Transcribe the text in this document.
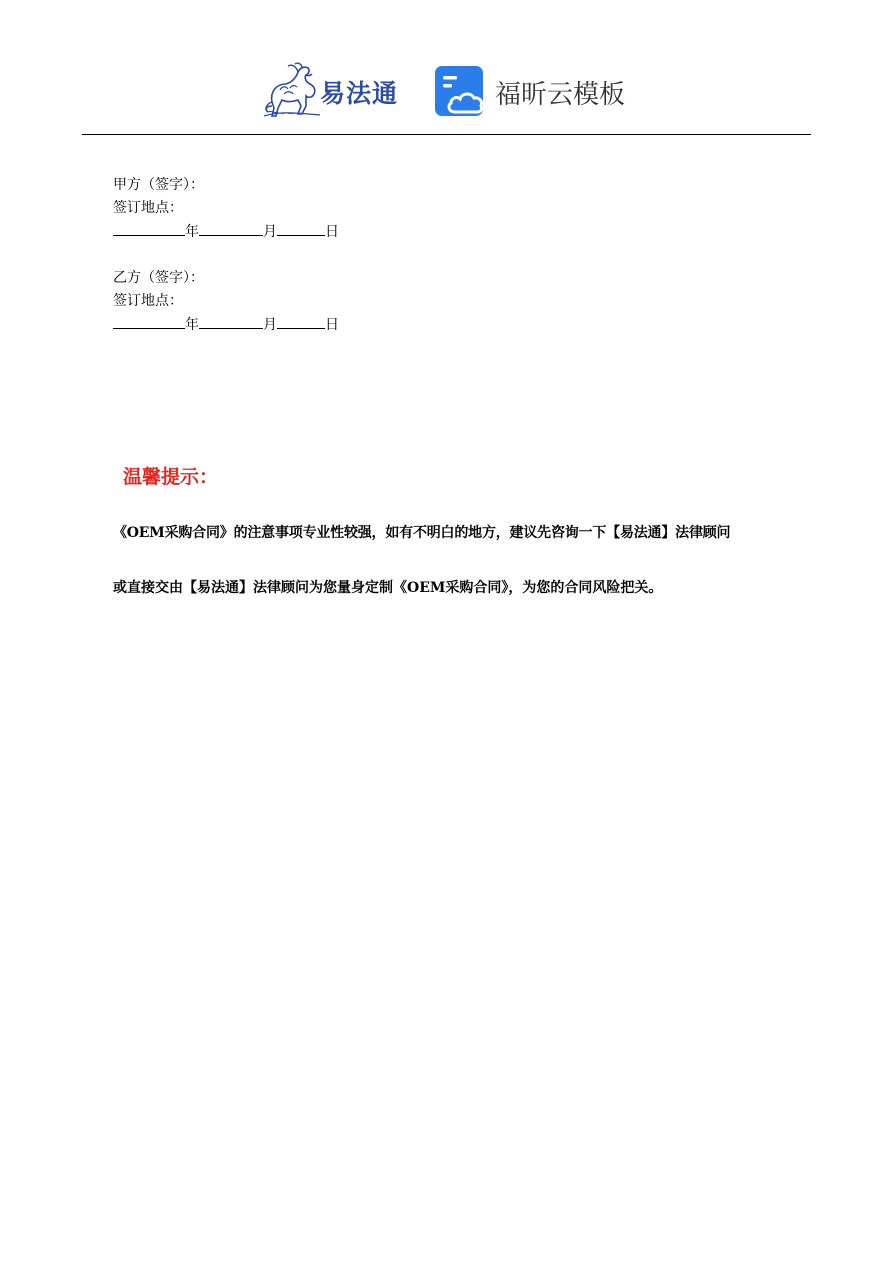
易法通	福昕云模板
甲方（签字）：
签订地点：
年	月	日
乙方（签字）：
签订地点：
年	月	日
温馨提示：
《OEM采购合同》的注意事项专业性较强，如有不明白的地方，建议先咨询一下【易法通】法律顾问
或直接交由【易法通】法律顾问为您量身定制《OEM采购合同》，为您的合同风险把关。
